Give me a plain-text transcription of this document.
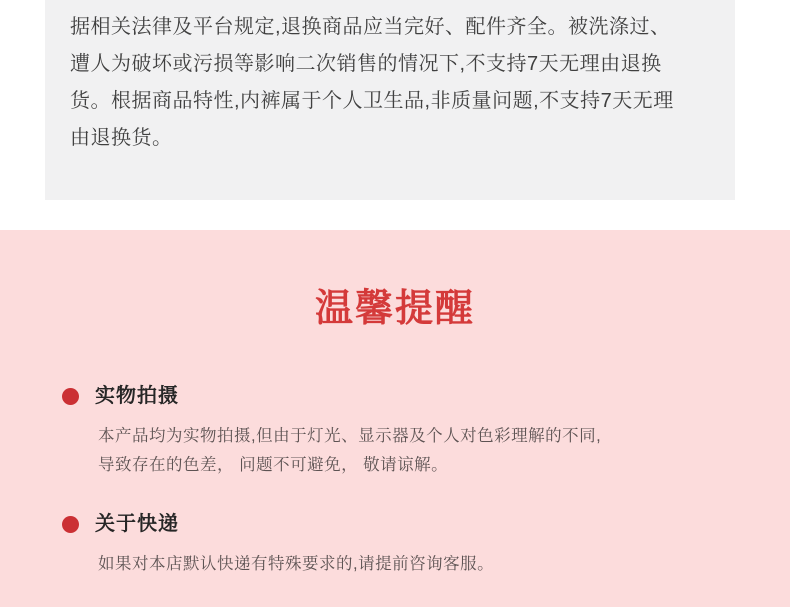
据相关法律及平台规定,退换商品应当完好、配件齐全。被洗涤过、
遭人为破坏或污损等影响二次销售的情况下,不支持7天无理由退换
货。根据商品特性,内裤属于个人卫生品,非质量问题,不支持7天无理
由退换货。
温馨提醒
实物拍摄
本产品均为实物拍摄,但由于灯光、显示器及个人对色彩理解的不同,
导致存在的色差， 问题不可避免， 敬请谅解。
关于快递
如果对本店默认快递有特殊要求的,请提前咨询客服。
